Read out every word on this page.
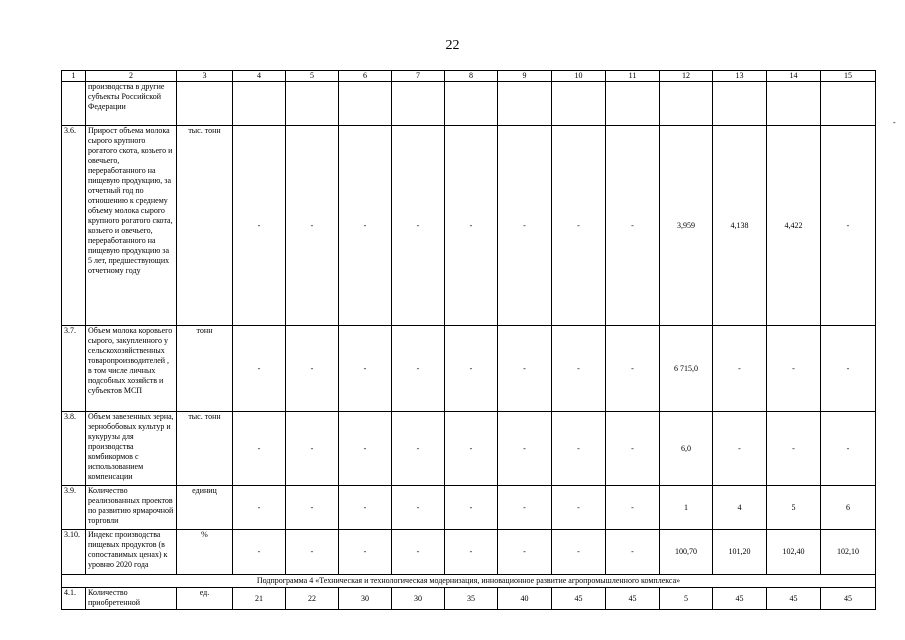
22
-
1	2	3	4	5	6	7	8	9	10	11	12	13	14	15
	производства в другие субъекты Российской Федерации													
3.6.	Прирост объема молока сырого крупного рогатого скота, козьего и овечьего, переработанного на пищевую продукцию, за отчетный год по отношению к среднему объему молока сырого крупного рогатого скота, козьего и овечьего, переработанного на пищевую продукцию за 5 лет, предшествующих отчетному году	тыс. тонн	-	-	-	-	-	-	-	-	3,959	4,138	4,422	-
3.7.	Объем молока коровьего сырого, закупленного у сельскохозяйственных товаропроизводителей , в том числе личных подсобных хозяйств и субъектов МСП	тонн	-	-	-	-	-	-	-	-	6 715,0	-	-	-
3.8.	Объем завезенных зерна, зернобобовых культур и кукурузы для производства комбикормов с использованием компенсации	тыс. тонн	-	-	-	-	-	-	-	-	6,0	-	-	-
3.9.	Количество реализованных проектов по развитию ярмарочной торговли	единиц	-	-	-	-	-	-	-	-	1	4	5	6
3.10.	Индекс производства пищевых продуктов (в сопоставимых ценах) к уровню 2020 года	%	-	-	-	-	-	-	-	-	100,70	101,20	102,40	102,10
Подпрограмма 4 «Техническая и технологическая модернизация, инновационное развитие агропромышленного комплекса»														
4.1.	Количество приобретенной	ед.	21	22	30	30	35	40	45	45	5	45	45	45
